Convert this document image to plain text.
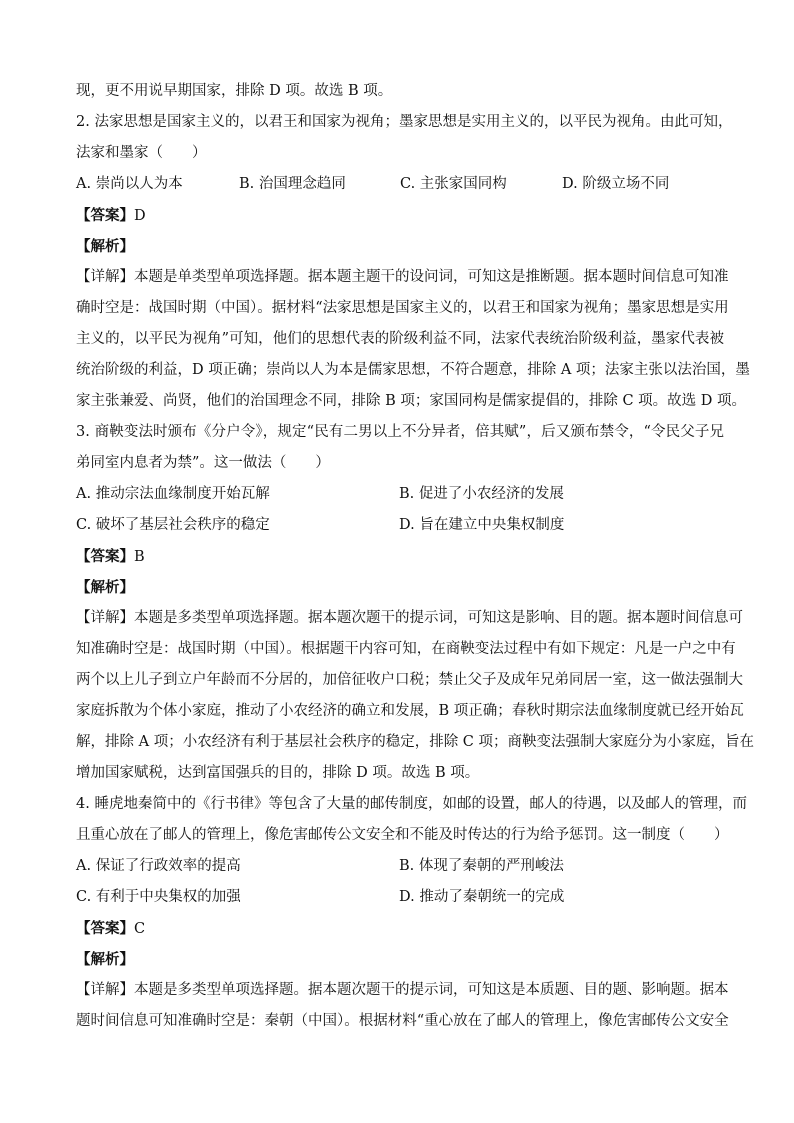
现，更不用说早期国家，排除 D 项。故选 B 项。
2. 法家思想是国家主义的，以君王和国家为视角；墨家思想是实用主义的，以平民为视角。由此可知，
法家和墨家（　　）
A. 崇尚以人为本	B. 治国理念趋同	C. 主张家国同构	D. 阶级立场不同
【答案】D
【解析】
【详解】本题是单类型单项选择题。据本题主题干的设问词，可知这是推断题。据本题时间信息可知准
确时空是：战国时期（中国）。据材料“法家思想是国家主义的，以君王和国家为视角；墨家思想是实用
主义的，以平民为视角”可知，他们的思想代表的阶级利益不同，法家代表统治阶级利益，墨家代表被
统治阶级的利益，D 项正确；崇尚以人为本是儒家思想，不符合题意，排除 A 项；法家主张以法治国，墨
家主张兼爱、尚贤，他们的治国理念不同，排除 B 项；家国同构是儒家提倡的，排除 C 项。故选 D 项。
3. 商鞅变法时颁布《分户令》，规定“民有二男以上不分异者，倍其赋”，后又颁布禁令，“令民父子兄
弟同室内息者为禁”。这一做法（　　）
A. 推动宗法血缘制度开始瓦解	B. 促进了小农经济的发展
C. 破坏了基层社会秩序的稳定	D. 旨在建立中央集权制度
【答案】B
【解析】
【详解】本题是多类型单项选择题。据本题次题干的提示词，可知这是影响、目的题。据本题时间信息可
知准确时空是：战国时期（中国）。根据题干内容可知，在商鞅变法过程中有如下规定：凡是一户之中有
两个以上儿子到立户年龄而不分居的，加倍征收户口税；禁止父子及成年兄弟同居一室，这一做法强制大
家庭拆散为个体小家庭，推动了小农经济的确立和发展，B 项正确；春秋时期宗法血缘制度就已经开始瓦
解，排除 A 项；小农经济有利于基层社会秩序的稳定，排除 C 项；商鞅变法强制大家庭分为小家庭，旨在
增加国家赋税，达到富国强兵的目的，排除 D 项。故选 B 项。
4. 睡虎地秦简中的《行书律》等包含了大量的邮传制度，如邮的设置，邮人的待遇，以及邮人的管理，而
且重心放在了邮人的管理上，像危害邮传公文安全和不能及时传达的行为给予惩罚。这一制度（　　）
A. 保证了行政效率的提高	B. 体现了秦朝的严刑峻法
C. 有利于中央集权的加强	D. 推动了秦朝统一的完成
【答案】C
【解析】
【详解】本题是多类型单项选择题。据本题次题干的提示词，可知这是本质题、目的题、影响题。据本
题时间信息可知准确时空是：秦朝（中国）。根据材料“重心放在了邮人的管理上，像危害邮传公文安全
